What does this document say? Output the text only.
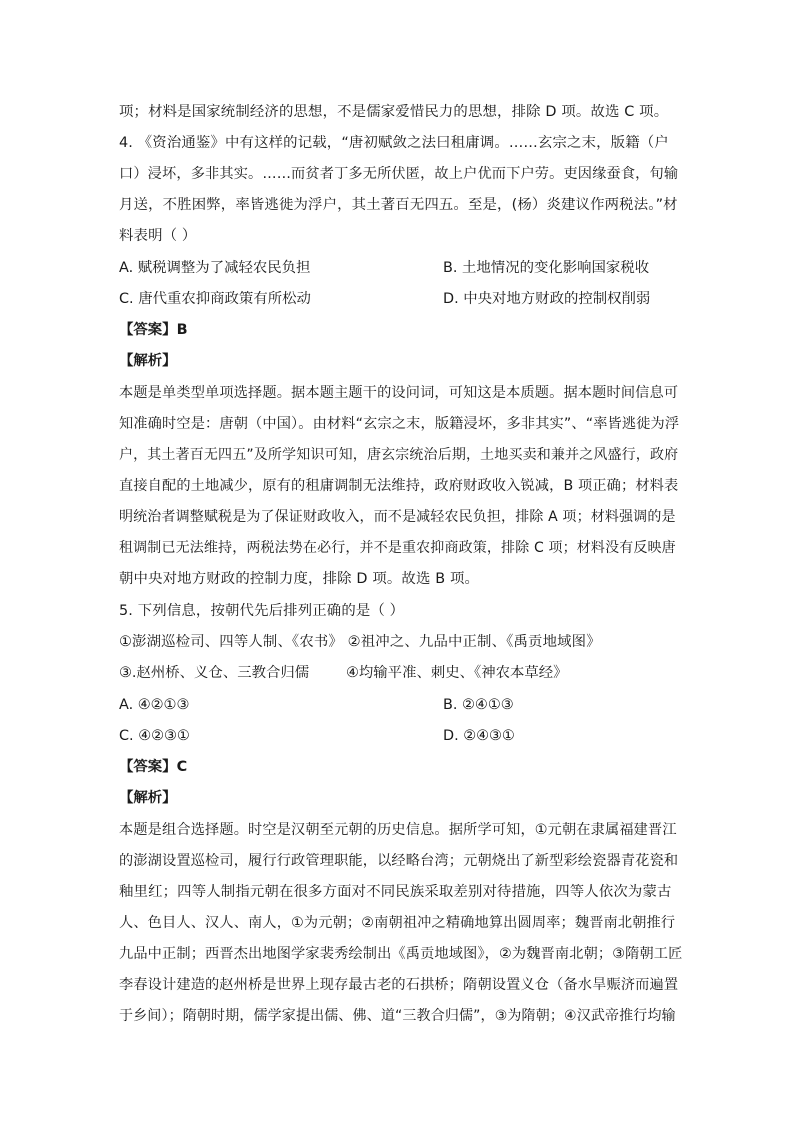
项；材料是国家统制经济的思想，不是儒家爱惜民力的思想，排除 D 项。故选 C 项。
4. 《资治通鉴》中有这样的记载，“唐初赋敛之法曰租庸调。……玄宗之末，版籍（户
口）浸坏，多非其实。……而贫者丁多无所伏匿，故上户优而下户劳。吏因缘蚕食，旬输
月送，不胜困弊，率皆逃徙为浮户，其土著百无四五。至是，(杨）炎建议作两税法。”材
料表明（ ）
A. 赋税调整为了减轻农民负担	B. 土地情况的变化影响国家税收
C. 唐代重农抑商政策有所松动	D. 中央对地方财政的控制权削弱
【答案】B
【解析】
本题是单类型单项选择题。据本题主题干的设问词，可知这是本质题。据本题时间信息可
知准确时空是：唐朝（中国）。由材料“玄宗之末，版籍浸坏，多非其实”、“率皆逃徙为浮
户，其土著百无四五”及所学知识可知，唐玄宗统治后期，土地买卖和兼并之风盛行，政府
直接自配的土地减少，原有的租庸调制无法维持，政府财政收入锐减，B 项正确；材料表
明统治者调整赋税是为了保证财政收入，而不是减轻农民负担，排除 A 项；材料强调的是
租调制已无法维持，两税法势在必行，并不是重农抑商政策，排除 C 项；材料没有反映唐
朝中央对地方财政的控制力度，排除 D 项。故选 B 项。
5. 下列信息，按朝代先后排列正确的是（ ）
①澎湖巡检司、四等人制、《农书》 ②祖冲之、九品中正制、《禹贡地域图》
③.赵州桥、义仓、三教合归儒	④均输平准、刺史、《神农本草经》
A. ④②①③	B. ②④①③
C. ④②③①	D. ②④③①
【答案】C
【解析】
本题是组合选择题。时空是汉朝至元朝的历史信息。据所学可知，①元朝在隶属福建晋江
的澎湖设置巡检司，履行行政管理职能，以经略台湾；元朝烧出了新型彩绘瓷器青花瓷和
釉里红；四等人制指元朝在很多方面对不同民族采取差别对待措施，四等人依次为蒙古
人、色目人、汉人、南人，①为元朝；②南朝祖冲之精确地算出圆周率；魏晋南北朝推行
九品中正制；西晋杰出地图学家裴秀绘制出《禹贡地域图》，②为魏晋南北朝；③隋朝工匠
李春设计建造的赵州桥是世界上现存最古老的石拱桥；隋朝设置义仓（备水旱赈济而遍置
于乡间）；隋朝时期，儒学家提出儒、佛、道“三教合归儒”，③为隋朝；④汉武帝推行均输
